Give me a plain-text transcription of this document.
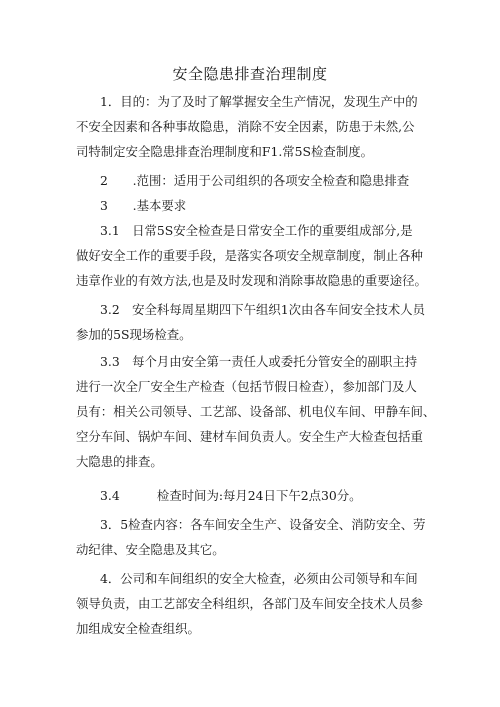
安全隐患排查治理制度
1．目的：为了及时了解掌握安全生产情况，发现生产中的
不安全因素和各种事故隐患，消除不安全因素，防患于未然,公
司特制定安全隐患排查治理制度和F1.常5S检查制度。
2　　.范围：适用于公司组织的各项安全检查和隐患排查
3　　.基本要求
3.1　日常5S安全检查是日常安全工作的重要组成部分,是
做好安全工作的重要手段，是落实各项安全规章制度，制止各种
违章作业的有效方法,也是及时发现和消除事故隐患的重要途径。
3.2　安全科每周星期四下午组织1次由各车间安全技术人员
参加的5S现场检查。
3.3　每个月由安全第一责任人或委托分管安全的副职主持
进行一次全厂安全生产检查（包括节假日检查），参加部门及人
员有：相关公司领导、工艺部、设备部、机电仪车间、甲静车间、
空分车间、锅炉车间、建材车间负责人。安全生产大检查包括重
大隐患的排查。
3.4　　　检查时间为:每月24日下午2点30分。
3．5检查内容：各车间安全生产、设备安全、消防安全、劳
动纪律、安全隐患及其它。
4．公司和车间组织的安全大检查，必须由公司领导和车间
领导负责，由工艺部安全科组织，各部门及车间安全技术人员参
加组成安全检查组织。
